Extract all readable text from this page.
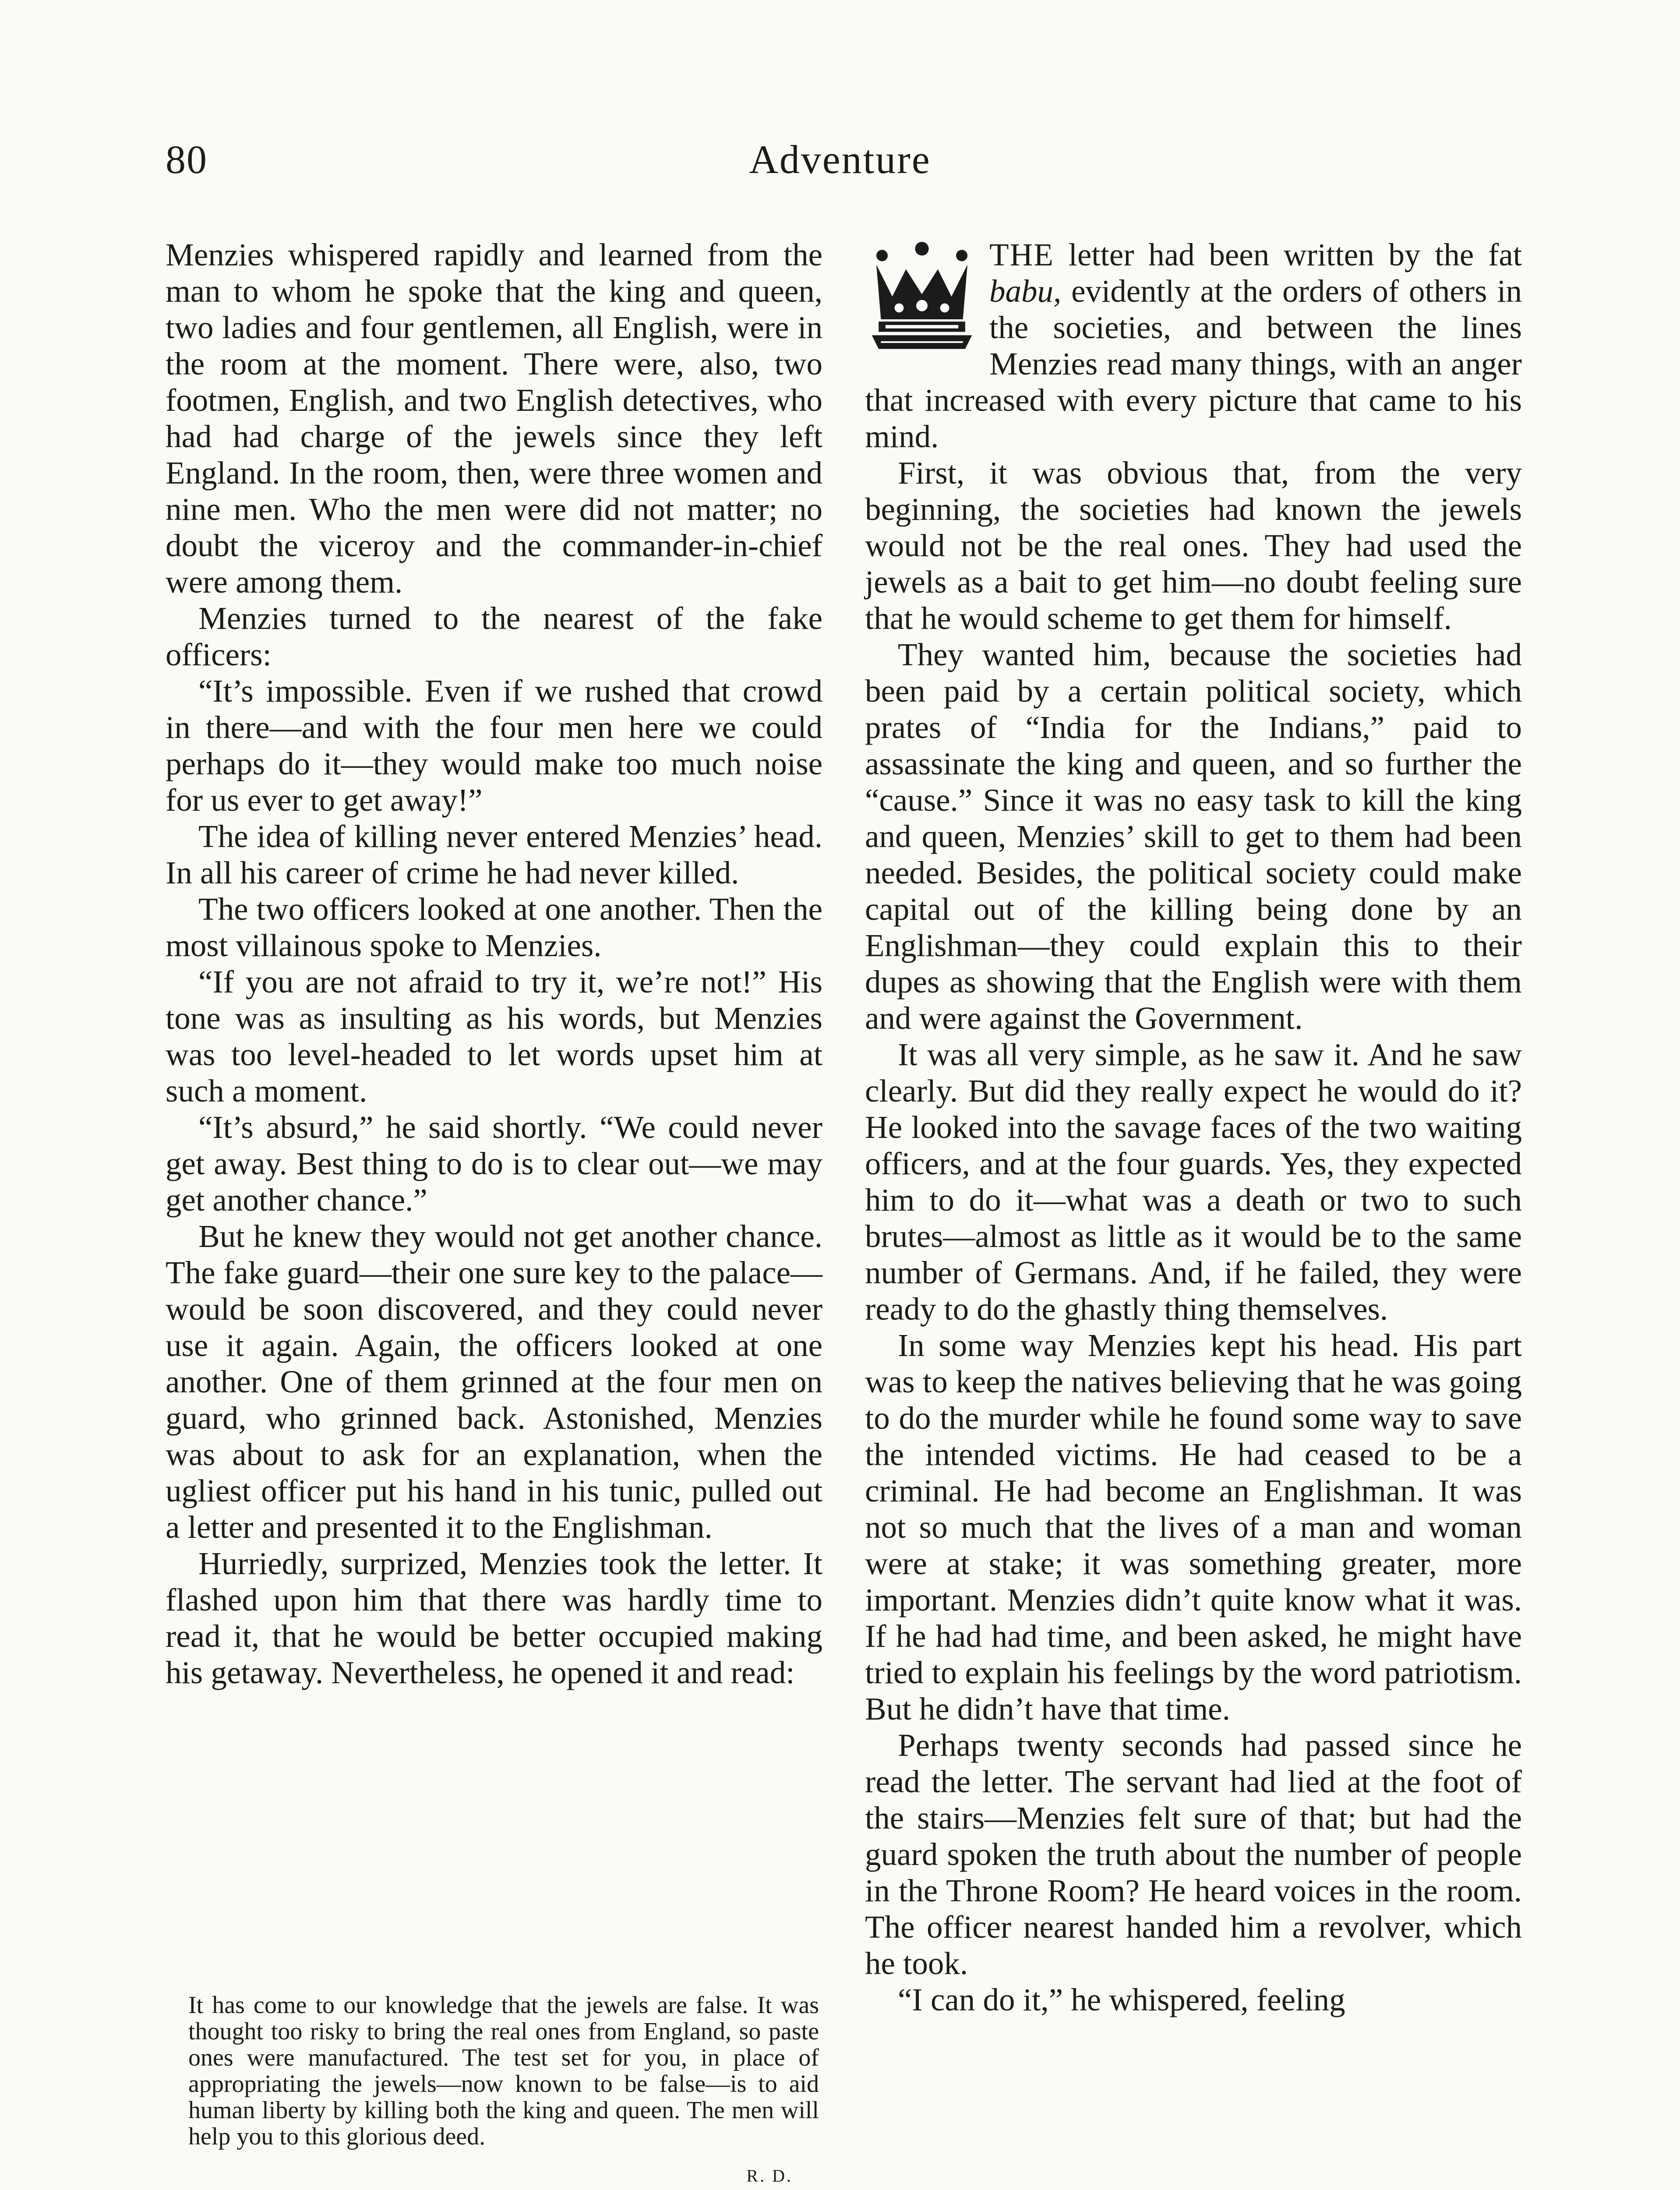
80	Adventure

Menzies whispered rapidly and learned from the man to whom he spoke that the king and queen, two ladies and four gentlemen, all English, were in the room at the moment. There were, also, two footmen, English, and two English detectives, who had had charge of the jewels since they left England. In the room, then, were three women and nine men. Who the men were did not matter; no doubt the viceroy and the commander-in-chief were among them.

Menzies turned to the nearest of the fake officers:

“It’s impossible. Even if we rushed that crowd in there—and with the four men here we could perhaps do it—they would make too much noise for us ever to get away!”

The idea of killing never entered Menzies’ head. In all his career of crime he had never killed.

The two officers looked at one another. Then the most villainous spoke to Menzies.

“If you are not afraid to try it, we’re not!” His tone was as insulting as his words, but Menzies was too level-headed to let words upset him at such a moment.

“It’s absurd,” he said shortly. “We could never get away. Best thing to do is to clear out—we may get another chance.”

But he knew they would not get another chance. The fake guard—their one sure key to the palace—would be soon discovered, and they could never use it again. Again, the officers looked at one another. One of them grinned at the four men on guard, who grinned back. Astonished, Menzies was about to ask for an explanation, when the ugliest officer put his hand in his tunic, pulled out a letter and presented it to the Englishman.

Hurriedly, surprized, Menzies took the letter. It flashed upon him that there was hardly time to read it, that he would be better occupied making his getaway. Nevertheless, he opened it and read:

It has come to our knowledge that the jewels are false. It was thought too risky to bring the real ones from England, so paste ones were manufactured. The test set for you, in place of appropriating the jewels—now known to be false—is to aid human liberty by killing both the king and queen. The men will help you to this glorious deed.

R. D.

THE letter had been written by the fat babu, evidently at the orders of others in the societies, and between the lines Menzies read many things, with an anger that increased with every picture that came to his mind.

First, it was obvious that, from the very beginning, the societies had known the jewels would not be the real ones. They had used the jewels as a bait to get him—no doubt feeling sure that he would scheme to get them for himself.

They wanted him, because the societies had been paid by a certain political society, which prates of “India for the Indians,” paid to assassinate the king and queen, and so further the “cause.” Since it was no easy task to kill the king and queen, Menzies’ skill to get to them had been needed. Besides, the political society could make capital out of the killing being done by an Englishman—they could explain this to their dupes as showing that the English were with them and were against the Government.

It was all very simple, as he saw it. And he saw clearly. But did they really expect he would do it? He looked into the savage faces of the two waiting officers, and at the four guards. Yes, they expected him to do it—what was a death or two to such brutes—almost as little as it would be to the same number of Germans. And, if he failed, they were ready to do the ghastly thing themselves.

In some way Menzies kept his head. His part was to keep the natives believing that he was going to do the murder while he found some way to save the intended victims. He had ceased to be a criminal. He had become an Englishman. It was not so much that the lives of a man and woman were at stake; it was something greater, more important. Menzies didn’t quite know what it was. If he had had time, and been asked, he might have tried to explain his feelings by the word patriotism. But he didn’t have that time.

Perhaps twenty seconds had passed since he read the letter. The servant had lied at the foot of the stairs—Menzies felt sure of that; but had the guard spoken the truth about the number of people in the Throne Room? He heard voices in the room. The officer nearest handed him a revolver, which he took.

“I can do it,” he whispered, feeling
